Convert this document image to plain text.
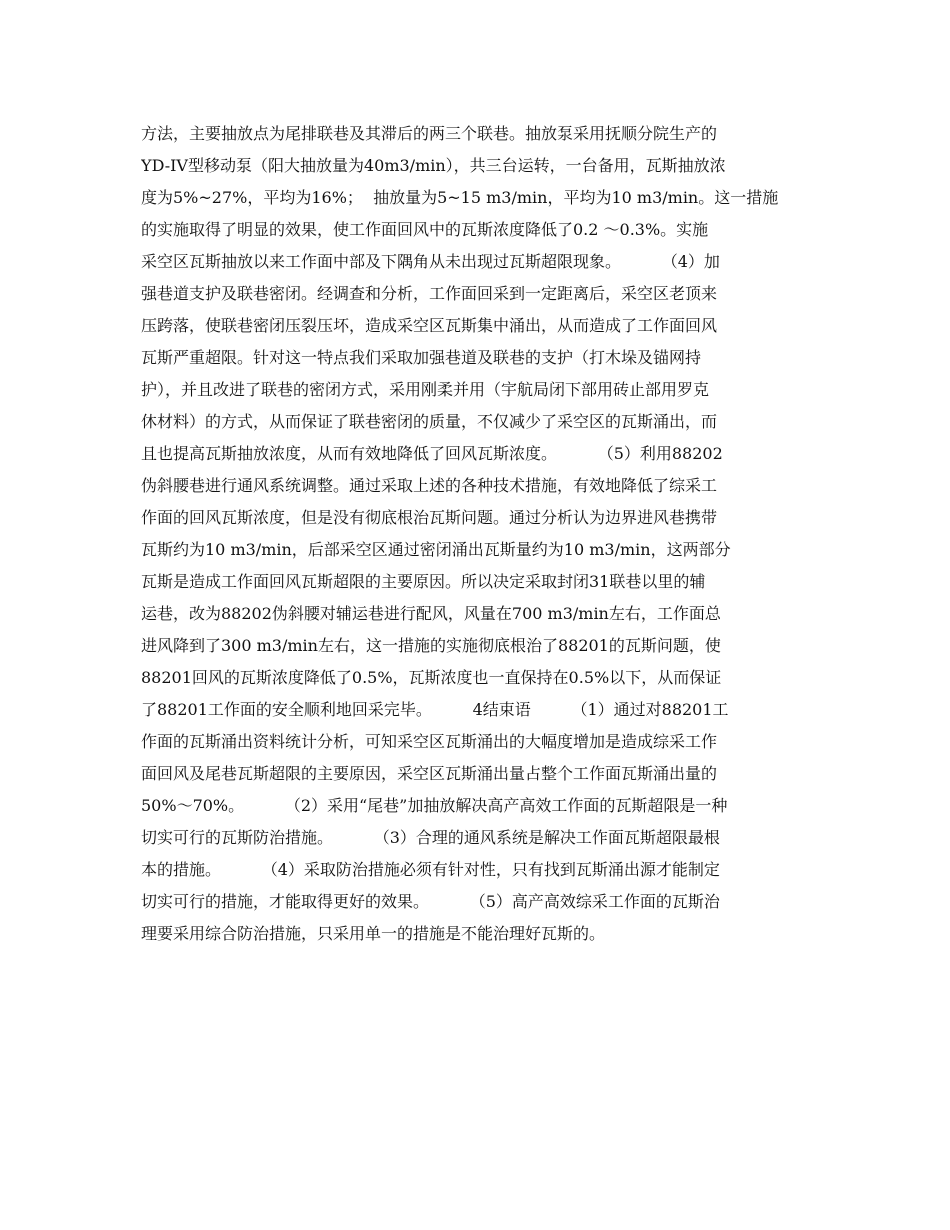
方法，主要抽放点为尾排联巷及其滞后的两三个联巷。抽放泵采用抚顺分院生产的
YD-IV型移动泵（阳大抽放量为40m3/min），共三台运转，一台备用，瓦斯抽放浓
度为5%~27%，平均为16%；  抽放量为5~15 m3/min，平均为10 m3/min。这一措施
的实施取得了明显的效果，使工作面回风中的瓦斯浓度降低了0.2 ～0.3%。实施
采空区瓦斯抽放以来工作面中部及下隅角从未出现过瓦斯超限现象。        （4）加
强巷道支护及联巷密闭。经调查和分析，工作面回采到一定距离后，采空区老顶来
压跨落，使联巷密闭压裂压坏，造成采空区瓦斯集中涌出，从而造成了工作面回风
瓦斯严重超限。针对这一特点我们采取加强巷道及联巷的支护（打木垛及锚网持
护），并且改进了联巷的密闭方式，采用刚柔并用（宇航局闭下部用砖止部用罗克
休材料）的方式，从而保证了联巷密闭的质量，不仅减少了采空区的瓦斯涌出，而
且也提高瓦斯抽放浓度，从而有效地降低了回风瓦斯浓度。        （5）利用88202
伪斜腰巷进行通风系统调整。通过采取上述的各种技术措施，有效地降低了综采工
作面的回风瓦斯浓度，但是没有彻底根治瓦斯问题。通过分析认为边界进风巷携带
瓦斯约为10 m3/min，后部采空区通过密闭涌出瓦斯量约为10 m3/min，这两部分
瓦斯是造成工作面回风瓦斯超限的主要原因。所以决定采取封闭31联巷以里的辅
运巷，改为88202伪斜腰对辅运巷进行配风，风量在700 m3/min左右，工作面总
进风降到了300 m3/min左右，这一措施的实施彻底根治了88201的瓦斯问题，使
88201回风的瓦斯浓度降低了0.5%，瓦斯浓度也一直保持在0.5%以下，从而保证
了88201工作面的安全顺利地回采完毕。        4结束语        （1）通过对88201工
作面的瓦斯涌出资料统计分析，可知采空区瓦斯涌出的大幅度增加是造成综采工作
面回风及尾巷瓦斯超限的主要原因，采空区瓦斯涌出量占整个工作面瓦斯涌出量的
50%～70%。        （2）采用“尾巷”加抽放解决高产高效工作面的瓦斯超限是一种
切实可行的瓦斯防治措施。        （3）合理的通风系统是解决工作面瓦斯超限最根
本的措施。        （4）采取防治措施必须有针对性，只有找到瓦斯涌出源才能制定
切实可行的措施，才能取得更好的效果。        （5）高产高效综采工作面的瓦斯治
理要采用综合防治措施，只采用单一的措施是不能治理好瓦斯的。
